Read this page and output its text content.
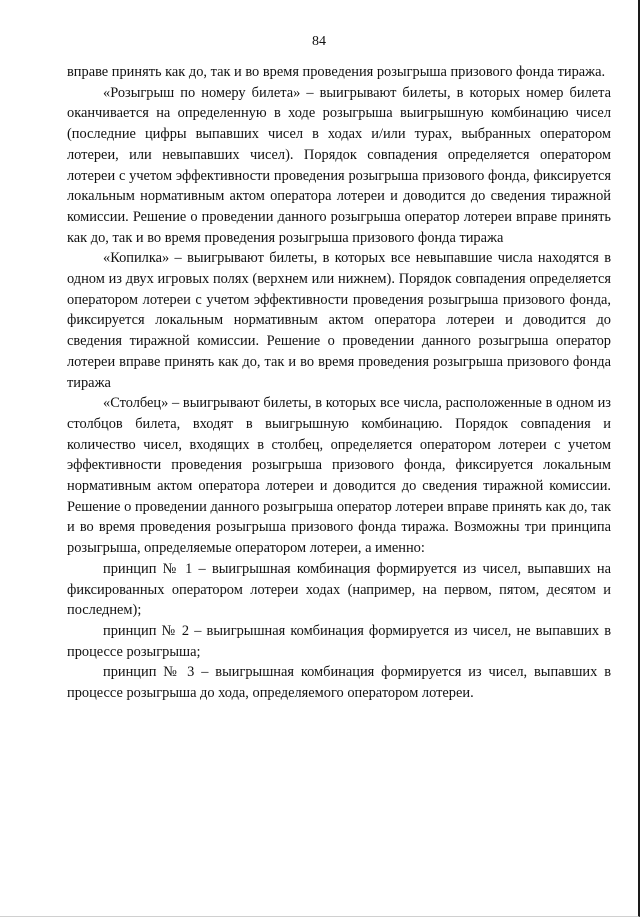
84

вправе принять как до, так и во время проведения розыгрыша призового фонда тиража.

«Розыгрыш по номеру билета» – выигрывают билеты, в которых номер билета оканчивается на определенную в ходе розыгрыша выигрышную комбинацию чисел (последние цифры выпавших чисел в ходах и/или турах, выбранных оператором лотереи, или невыпавших чисел). Порядок совпадения определяется оператором лотереи с учетом эффективности проведения розыгрыша призового фонда, фиксируется локальным нормативным актом оператора лотереи и доводится до сведения тиражной комиссии. Решение о проведении данного розыгрыша оператор лотереи вправе принять как до, так и во время проведения розыгрыша призового фонда тиража

«Копилка» – выигрывают билеты, в которых все невыпавшие числа находятся в одном из двух игровых полях (верхнем или нижнем). Порядок совпадения определяется оператором лотереи с учетом эффективности проведения розыгрыша призового фонда, фиксируется локальным нормативным актом оператора лотереи и доводится до сведения тиражной комиссии. Решение о проведении данного розыгрыша оператор лотереи вправе принять как до, так и во время проведения розыгрыша призового фонда тиража

«Столбец» – выигрывают билеты, в которых все числа, расположенные в одном из столбцов билета, входят в выигрышную комбинацию. Порядок совпадения и количество чисел, входящих в столбец, определяется оператором лотереи с учетом эффективности проведения розыгрыша призового фонда, фиксируется локальным нормативным актом оператора лотереи и доводится до сведения тиражной комиссии. Решение о проведении данного розыгрыша оператор лотереи вправе принять как до, так и во время проведения розыгрыша призового фонда тиража. Возможны три принципа розыгрыша, определяемые оператором лотереи, а именно:

принцип № 1 – выигрышная комбинация формируется из чисел, выпавших на фиксированных оператором лотереи ходах (например, на первом, пятом, десятом и последнем);

принцип № 2 – выигрышная комбинация формируется из чисел, не выпавших в процессе розыгрыша;

принцип № 3 – выигрышная комбинация формируется из чисел, выпавших в процессе розыгрыша до хода, определяемого оператором лотереи.
